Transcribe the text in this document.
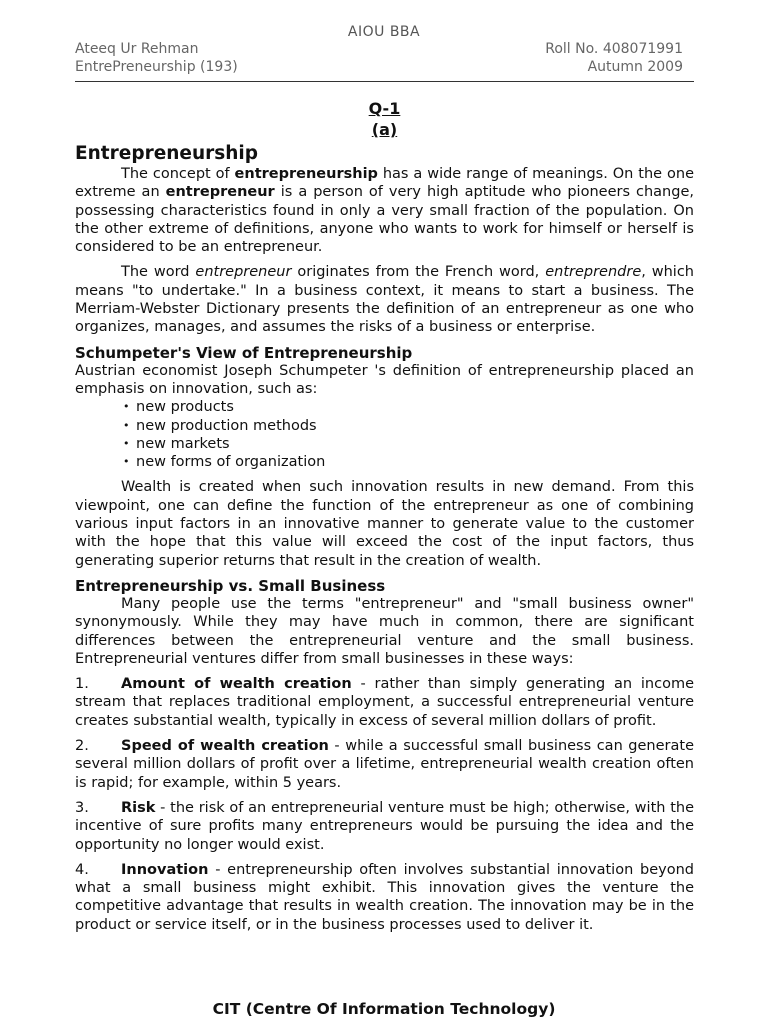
AIOU BBA
Ateeq Ur Rehman
EntrePreneurship (193)
Roll No. 408071991
Autumn 2009
Q-1
(a)
Entrepreneurship

The concept of entrepreneurship has a wide range of meanings. On the one extreme an entrepreneur is a person of very high aptitude who pioneers change, possessing characteristics found in only a very small fraction of the population. On the other extreme of definitions, anyone who wants to work for himself or herself is considered to be an entrepreneur.

The word entrepreneur originates from the French word, entreprendre, which means "to undertake." In a business context, it means to start a business. The Merriam-Webster Dictionary presents the definition of an entrepreneur as one who organizes, manages, and assumes the risks of a business or enterprise.

Schumpeter's View of Entrepreneurship

Austrian economist Joseph Schumpeter 's definition of entrepreneurship placed an emphasis on innovation, such as:

• new products
• new production methods
• new markets
• new forms of organization

Wealth is created when such innovation results in new demand. From this viewpoint, one can define the function of the entrepreneur as one of combining various input factors in an innovative manner to generate value to the customer with the hope that this value will exceed the cost of the input factors, thus generating superior returns that result in the creation of wealth.

Entrepreneurship vs. Small Business

Many people use the terms "entrepreneur" and "small business owner" synonymously. While they may have much in common, there are significant differences between the entrepreneurial venture and the small business. Entrepreneurial ventures differ from small businesses in these ways:

1. Amount of wealth creation - rather than simply generating an income stream that replaces traditional employment, a successful entrepreneurial venture creates substantial wealth, typically in excess of several million dollars of profit.

2. Speed of wealth creation - while a successful small business can generate several million dollars of profit over a lifetime, entrepreneurial wealth creation often is rapid; for example, within 5 years.

3. Risk - the risk of an entrepreneurial venture must be high; otherwise, with the incentive of sure profits many entrepreneurs would be pursuing the idea and the opportunity no longer would exist.

4. Innovation - entrepreneurship often involves substantial innovation beyond what a small business might exhibit. This innovation gives the venture the competitive advantage that results in wealth creation. The innovation may be in the product or service itself, or in the business processes used to deliver it.

CIT (Centre Of Information Technology)
